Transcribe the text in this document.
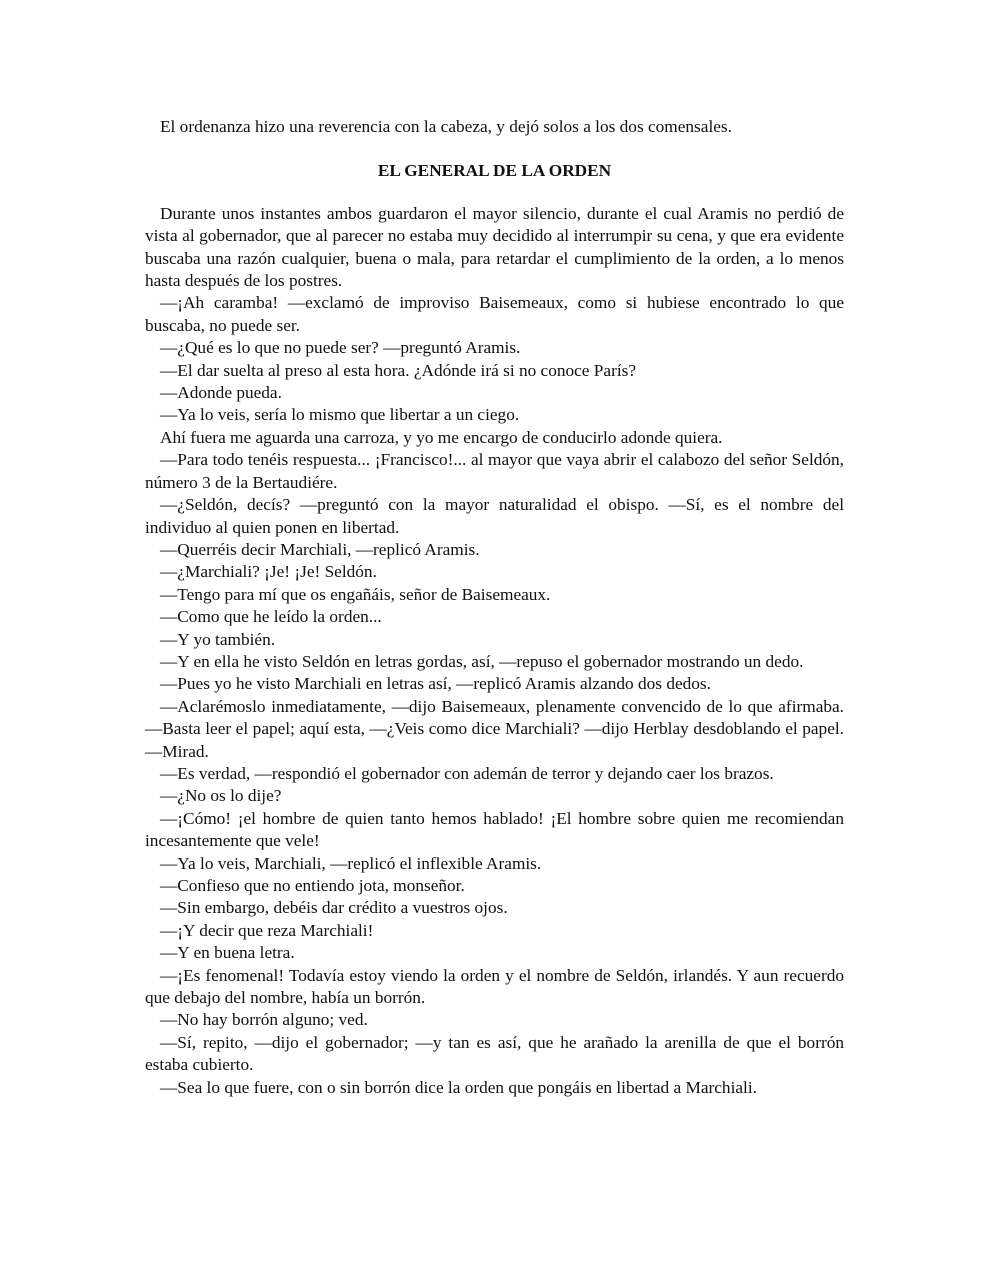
El ordenanza hizo una reverencia con la cabeza, y dejó solos a los dos comensales.

EL GENERAL DE LA ORDEN

Durante unos instantes ambos guardaron el mayor silencio, durante el cual Aramis no perdió de vista al gobernador, que al parecer no estaba muy decidido al interrumpir su cena, y que era evidente buscaba una razón cualquier, buena o mala, para retardar el cumplimiento de la orden, a lo menos hasta después de los postres.

—¡Ah caramba! —exclamó de improviso Baisemeaux, como si hubiese encontrado lo que buscaba, no puede ser.

—¿Qué es lo que no puede ser? —preguntó Aramis.

—El dar suelta al preso al esta hora. ¿Adónde irá si no conoce París?

—Adonde pueda.

—Ya lo veis, sería lo mismo que libertar a un ciego.

Ahí fuera me aguarda una carroza, y yo me encargo de conducirlo adonde quiera.

—Para todo tenéis respuesta... ¡Francisco!... al mayor que vaya abrir el calabozo del señor Seldón, número 3 de la Bertaudiére.

—¿Seldón, decís? —preguntó con la mayor naturalidad el obispo. —Sí, es el nombre del individuo al quien ponen en libertad.

—Querréis decir Marchiali, —replicó Aramis.

—¿Marchiali? ¡Je! ¡Je! Seldón.

—Tengo para mí que os engañáis, señor de Baisemeaux.

—Como que he leído la orden...

—Y yo también.

—Y en ella he visto Seldón en letras gordas, así, —repuso el gobernador mostrando un dedo.

—Pues yo he visto Marchiali en letras así, —replicó Aramis alzando dos dedos.

—Aclarémoslo inmediatamente, —dijo Baisemeaux, plenamente convencido de lo que afirmaba. —Basta leer el papel; aquí esta, —¿Veis como dice Marchiali? —dijo Herblay desdoblando el papel. —Mirad.

—Es verdad, —respondió el gobernador con ademán de terror y dejando caer los brazos.

—¿No os lo dije?

—¡Cómo! ¡el hombre de quien tanto hemos hablado! ¡El hombre sobre quien me recomiendan incesantemente que vele!

—Ya lo veis, Marchiali, —replicó el inflexible Aramis.

—Confieso que no entiendo jota, monseñor.

—Sin embargo, debéis dar crédito a vuestros ojos.

—¡Y decir que reza Marchiali!

—Y en buena letra.

—¡Es fenomenal! Todavía estoy viendo la orden y el nombre de Seldón, irlandés. Y aun recuerdo que debajo del nombre, había un borrón.

—No hay borrón alguno; ved.

—Sí, repito, —dijo el gobernador; —y tan es así, que he arañado la arenilla de que el borrón estaba cubierto.

—Sea lo que fuere, con o sin borrón dice la orden que pongáis en libertad a Marchiali.
